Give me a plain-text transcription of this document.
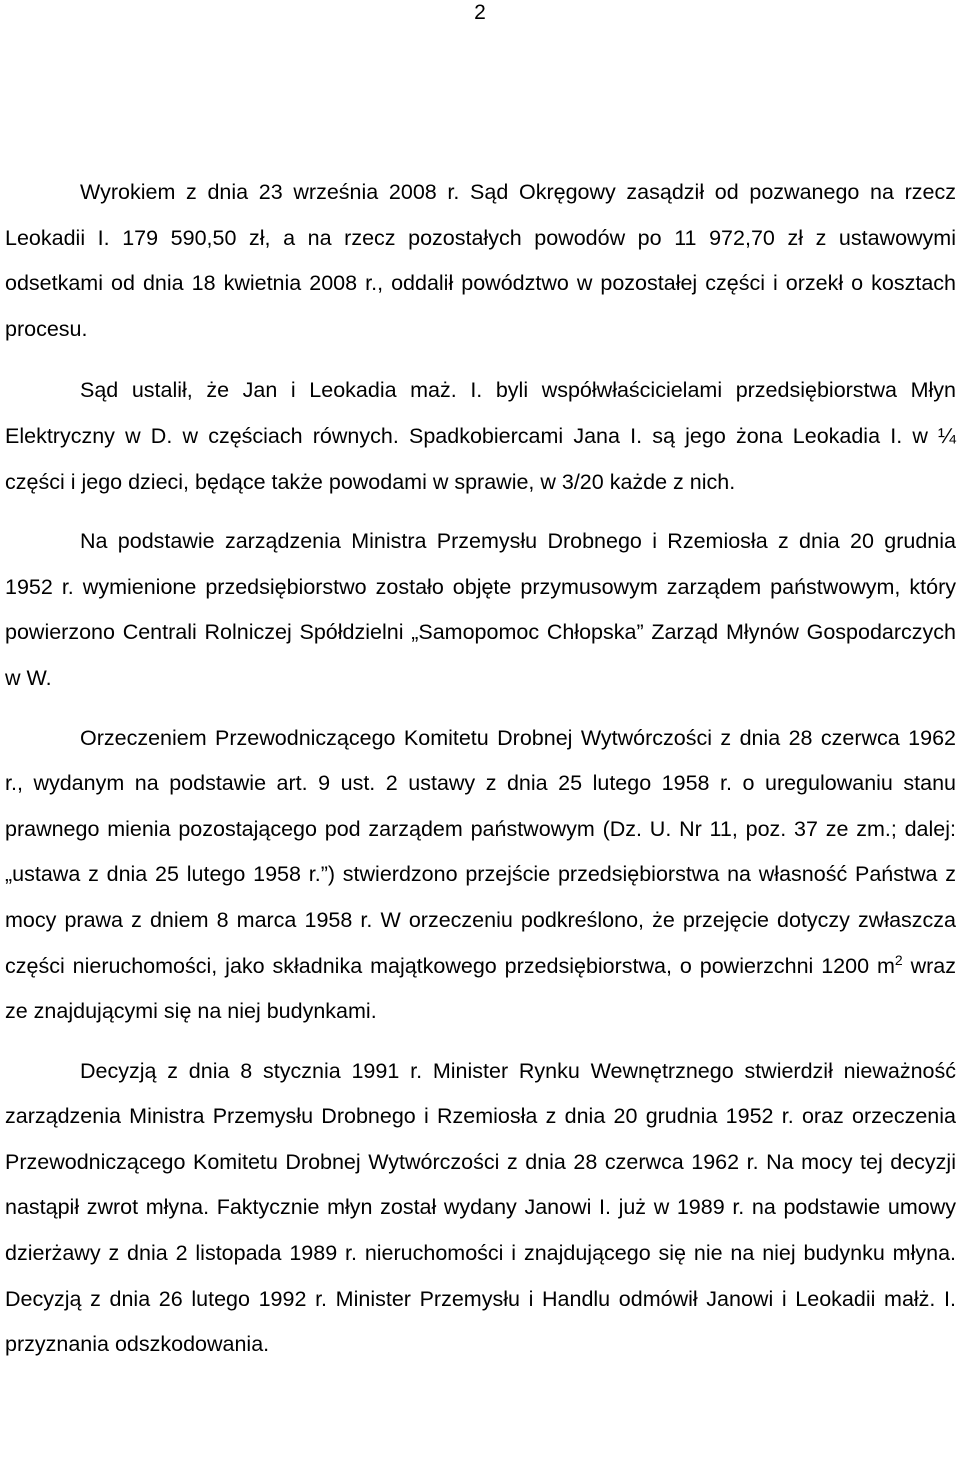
2

Wyrokiem z dnia 23 września 2008 r. Sąd Okręgowy zasądził od pozwanego na rzecz Leokadii I. 179 590,50 zł, a na rzecz pozostałych powodów po 11 972,70 zł z ustawowymi odsetkami od dnia 18 kwietnia 2008 r., oddalił powództwo w pozostałej części i orzekł o kosztach procesu.

Sąd ustalił, że Jan i Leokadia maż. I. byli współwłaścicielami przedsiębiorstwa Młyn Elektryczny w D. w częściach równych. Spadkobiercami Jana I. są jego żona Leokadia I. w ¼ części i jego dzieci, będące także powodami w sprawie, w 3/20 każde z nich.

Na podstawie zarządzenia Ministra Przemysłu Drobnego i Rzemiosła z dnia 20 grudnia 1952 r. wymienione przedsiębiorstwo zostało objęte przymusowym zarządem państwowym, który powierzono Centrali Rolniczej Spółdzielni „Samopomoc Chłopska” Zarząd Młynów Gospodarczych w W.

Orzeczeniem Przewodniczącego Komitetu Drobnej Wytwórczości z dnia 28 czerwca 1962 r., wydanym na podstawie art. 9 ust. 2 ustawy z dnia 25 lutego 1958 r. o uregulowaniu stanu prawnego mienia pozostającego pod zarządem państwowym (Dz. U. Nr 11, poz. 37 ze zm.; dalej: „ustawa z dnia 25 lutego 1958 r.”) stwierdzono przejście przedsiębiorstwa na własność Państwa z mocy prawa z dniem 8 marca 1958 r. W orzeczeniu podkreślono, że przejęcie dotyczy zwłaszcza części nieruchomości, jako składnika majątkowego przedsiębiorstwa, o powierzchni 1200 $m^2$ wraz ze znajdującymi się na niej budynkami.

Decyzją z dnia 8 stycznia 1991 r. Minister Rynku Wewnętrznego stwierdził nieważność zarządzenia Ministra Przemysłu Drobnego i Rzemiosła z dnia 20 grudnia 1952 r. oraz orzeczenia Przewodniczącego Komitetu Drobnej Wytwórczości z dnia 28 czerwca 1962 r. Na mocy tej decyzji nastąpił zwrot młyna. Faktycznie młyn został wydany Janowi I. już w 1989 r. na podstawie umowy dzierżawy z dnia 2 listopada 1989 r. nieruchomości i znajdującego się nie na niej budynku młyna. Decyzją z dnia 26 lutego 1992 r. Minister Przemysłu i Handlu odmówił Janowi i Leokadii małż. I. przyznania odszkodowania.
